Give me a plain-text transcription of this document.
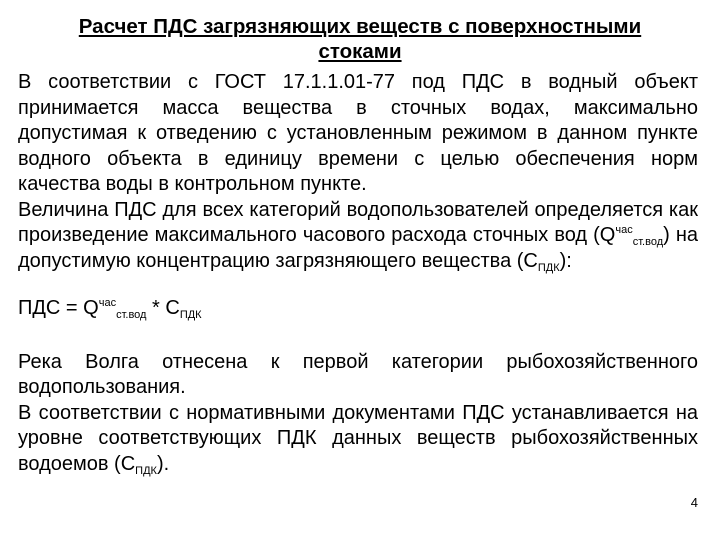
Расчет ПДС загрязняющих веществ с поверхностными стоками

В соответствии с ГОСТ 17.1.1.01-77 под ПДС в водный объект принимается масса вещества в сточных водах, максимально допустимая к отведению с установленным режимом в данном пункте водного объекта в единицу времени с целью обеспечения норм качества воды в контрольном пункте.

Величина ПДС для всех категорий водопользователей определяется как произведение максимального часового расхода сточных вод $(Q^{час}_{ст.вод})$ на допустимую концентрацию загрязняющего вещества $(С_{ПДК})$:

ПДС = $Q^{час}_{ст.вод} * С_{ПДК}$

Река Волга отнесена к первой категории рыбохозяйственного водопользования.

В соответствии с нормативными документами ПДС устанавливается на уровне соответствующих ПДК данных веществ рыбохозяйственных водоемов $(С_{ПДК})$.

4
